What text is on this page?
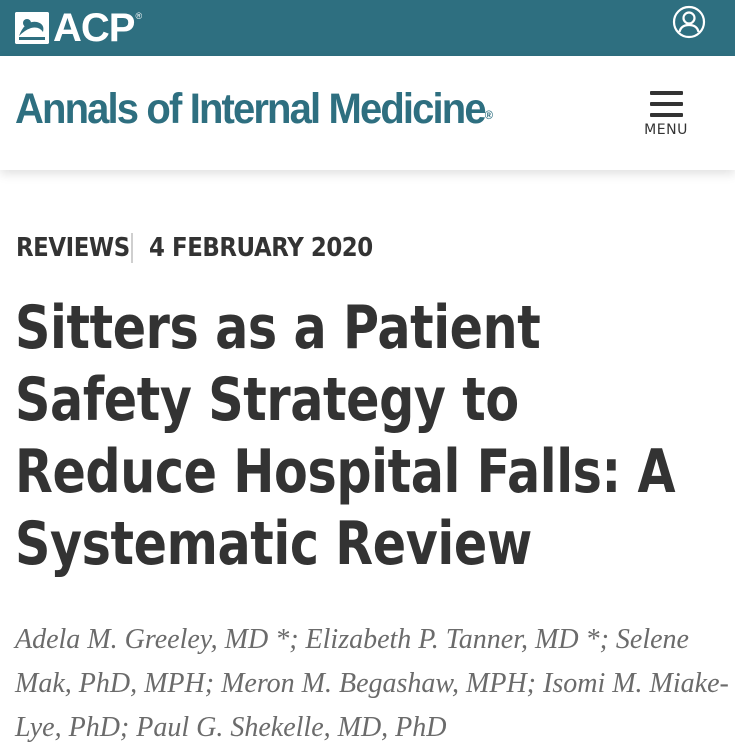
ACP ®
Annals of Internal Medicine®
MENU
REVIEWS 4 FEBRUARY 2020
Sitters as a Patient Safety Strategy to Reduce Hospital Falls: A Systematic Review

Adela M. Greeley, MD *; Elizabeth P. Tanner, MD *; Selene Mak, PhD, MPH; Meron M. Begashaw, MPH; Isomi M. Miake-Lye, PhD; Paul G. Shekelle, MD, PhD
